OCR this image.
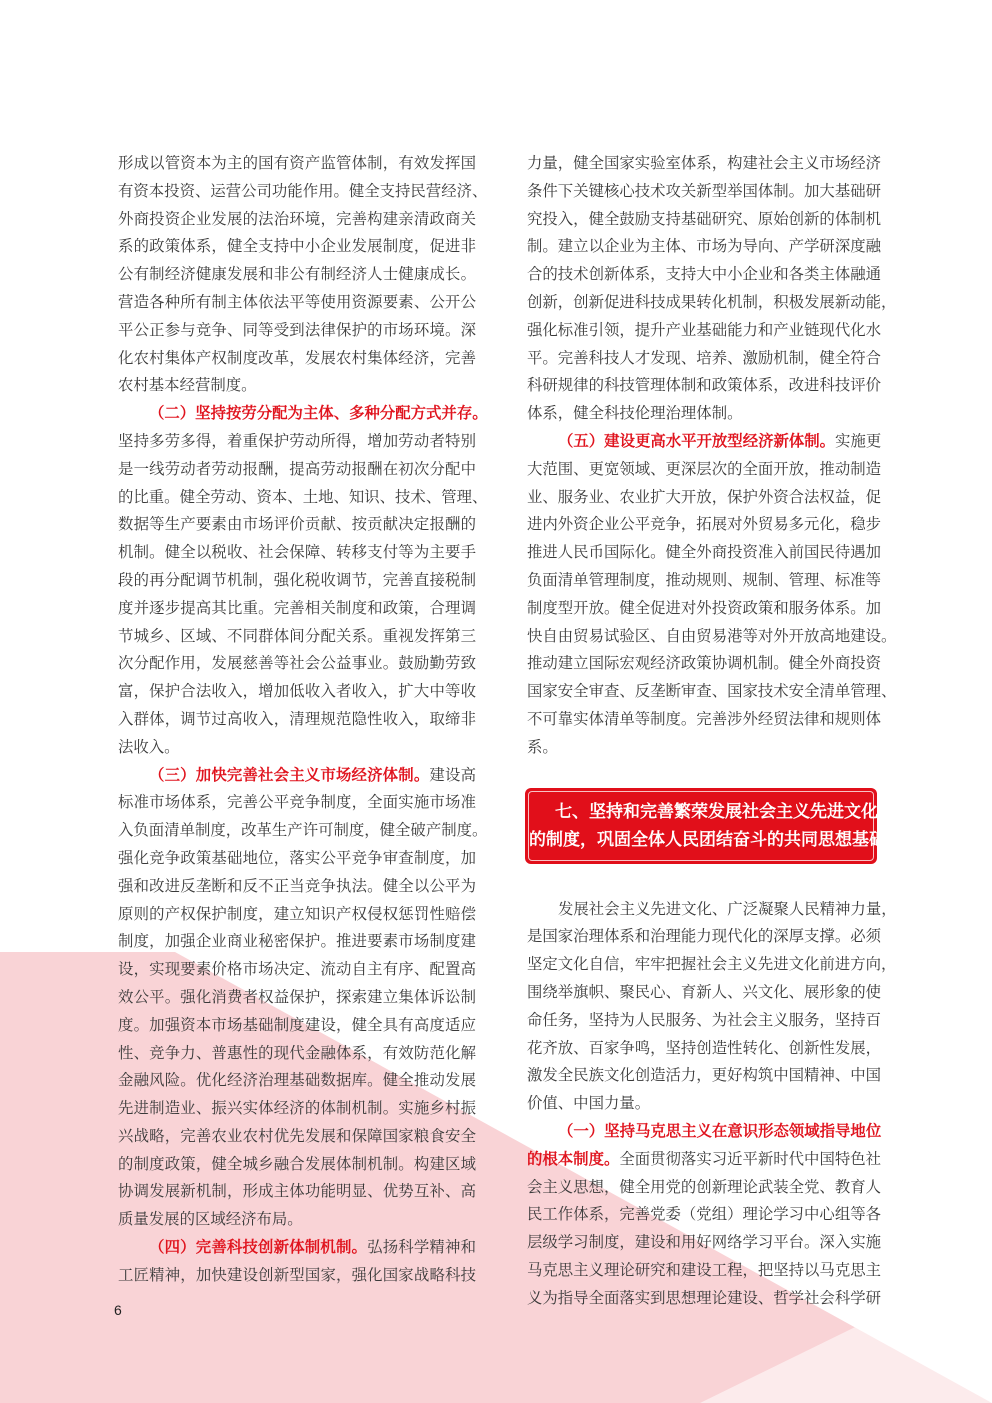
形成以管资本为主的国有资产监管体制，有效发挥国
有资本投资、运营公司功能作用。健全支持民营经济、
外商投资企业发展的法治环境，完善构建亲清政商关
系的政策体系，健全支持中小企业发展制度，促进非
公有制经济健康发展和非公有制经济人士健康成长。
营造各种所有制主体依法平等使用资源要素、公开公
平公正参与竞争、同等受到法律保护的市场环境。深
化农村集体产权制度改革，发展农村集体经济，完善
农村基本经营制度。
（二）坚持按劳分配为主体、多种分配方式并存。
坚持多劳多得，着重保护劳动所得，增加劳动者特别
是一线劳动者劳动报酬，提高劳动报酬在初次分配中
的比重。健全劳动、资本、土地、知识、技术、管理、
数据等生产要素由市场评价贡献、按贡献决定报酬的
机制。健全以税收、社会保障、转移支付等为主要手
段的再分配调节机制，强化税收调节，完善直接税制
度并逐步提高其比重。完善相关制度和政策，合理调
节城乡、区域、不同群体间分配关系。重视发挥第三
次分配作用，发展慈善等社会公益事业。鼓励勤劳致
富，保护合法收入，增加低收入者收入，扩大中等收
入群体，调节过高收入，清理规范隐性收入，取缔非
法收入。
（三）加快完善社会主义市场经济体制。建设高
标准市场体系，完善公平竞争制度，全面实施市场准
入负面清单制度，改革生产许可制度，健全破产制度。
强化竞争政策基础地位，落实公平竞争审查制度，加
强和改进反垄断和反不正当竞争执法。健全以公平为
原则的产权保护制度，建立知识产权侵权惩罚性赔偿
制度，加强企业商业秘密保护。推进要素市场制度建
设，实现要素价格市场决定、流动自主有序、配置高
效公平。强化消费者权益保护，探索建立集体诉讼制
度。加强资本市场基础制度建设，健全具有高度适应
性、竞争力、普惠性的现代金融体系，有效防范化解
金融风险。优化经济治理基础数据库。健全推动发展
先进制造业、振兴实体经济的体制机制。实施乡村振
兴战略，完善农业农村优先发展和保障国家粮食安全
的制度政策，健全城乡融合发展体制机制。构建区域
协调发展新机制，形成主体功能明显、优势互补、高
质量发展的区域经济布局。
（四）完善科技创新体制机制。弘扬科学精神和
工匠精神，加快建设创新型国家，强化国家战略科技
力量，健全国家实验室体系，构建社会主义市场经济
条件下关键核心技术攻关新型举国体制。加大基础研
究投入，健全鼓励支持基础研究、原始创新的体制机
制。建立以企业为主体、市场为导向、产学研深度融
合的技术创新体系，支持大中小企业和各类主体融通
创新，创新促进科技成果转化机制，积极发展新动能，
强化标准引领，提升产业基础能力和产业链现代化水
平。完善科技人才发现、培养、激励机制，健全符合
科研规律的科技管理体制和政策体系，改进科技评价
体系，健全科技伦理治理体制。
（五）建设更高水平开放型经济新体制。实施更
大范围、更宽领域、更深层次的全面开放，推动制造
业、服务业、农业扩大开放，保护外资合法权益，促
进内外资企业公平竞争，拓展对外贸易多元化，稳步
推进人民币国际化。健全外商投资准入前国民待遇加
负面清单管理制度，推动规则、规制、管理、标准等
制度型开放。健全促进对外投资政策和服务体系。加
快自由贸易试验区、自由贸易港等对外开放高地建设。
推动建立国际宏观经济政策协调机制。健全外商投资
国家安全审查、反垄断审查、国家技术安全清单管理、
不可靠实体清单等制度。完善涉外经贸法律和规则体
系。
七、坚持和完善繁荣发展社会主义先进文化
的制度，巩固全体人民团结奋斗的共同思想基础
发展社会主义先进文化、广泛凝聚人民精神力量，
是国家治理体系和治理能力现代化的深厚支撑。必须
坚定文化自信，牢牢把握社会主义先进文化前进方向，
围绕举旗帜、聚民心、育新人、兴文化、展形象的使
命任务，坚持为人民服务、为社会主义服务，坚持百
花齐放、百家争鸣，坚持创造性转化、创新性发展，
激发全民族文化创造活力，更好构筑中国精神、中国
价值、中国力量。
（一）坚持马克思主义在意识形态领域指导地位
的根本制度。全面贯彻落实习近平新时代中国特色社
会主义思想，健全用党的创新理论武装全党、教育人
民工作体系，完善党委（党组）理论学习中心组等各
层级学习制度，建设和用好网络学习平台。深入实施
马克思主义理论研究和建设工程，把坚持以马克思主
义为指导全面落实到思想理论建设、哲学社会科学研
6
